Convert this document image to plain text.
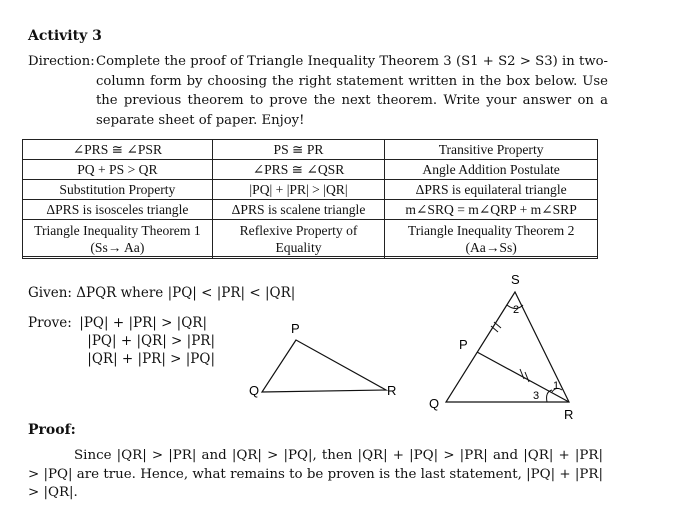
Activity 3
Direction: Complete the proof of Triangle Inequality Theorem 3 (S1 + S2 > S3) in two-column form by choosing the right statement written in the box below. Use the previous theorem to prove the next theorem. Write your answer on a separate sheet of paper. Enjoy!
∠PRS ≅ ∠PSR	PS ≅ PR	Transitive Property
PQ + PS > QR	∠PRS ≅ ∠QSR	Angle Addition Postulate
Substitution Property	|PQ| + |PR| > |QR|	ΔPRS is equilateral triangle
ΔPRS is isosceles triangle	ΔPRS is scalene triangle	m∠SRQ = m∠QRP + m∠SRP
Triangle Inequality Theorem 1 (Ss→ Aa)	Reflexive Property of Equality	Triangle Inequality Theorem 2 (Aa→Ss)
Given: ΔPQR where |PQ| < |PR| < |QR|
Prove: |PQ| + |PR| > |QR|
|PQ| + |QR| > |PR|
|QR| + |PR| > |PQ|
P
Q	R
S
P
Q
R
2
1
3
Proof:
Since |QR| > |PR| and |QR| > |PQ|, then |QR| + |PQ| > |PR| and |QR| + |PR| > |PQ| are true. Hence, what remains to be proven is the last statement, |PQ| + |PR| > |QR|.
